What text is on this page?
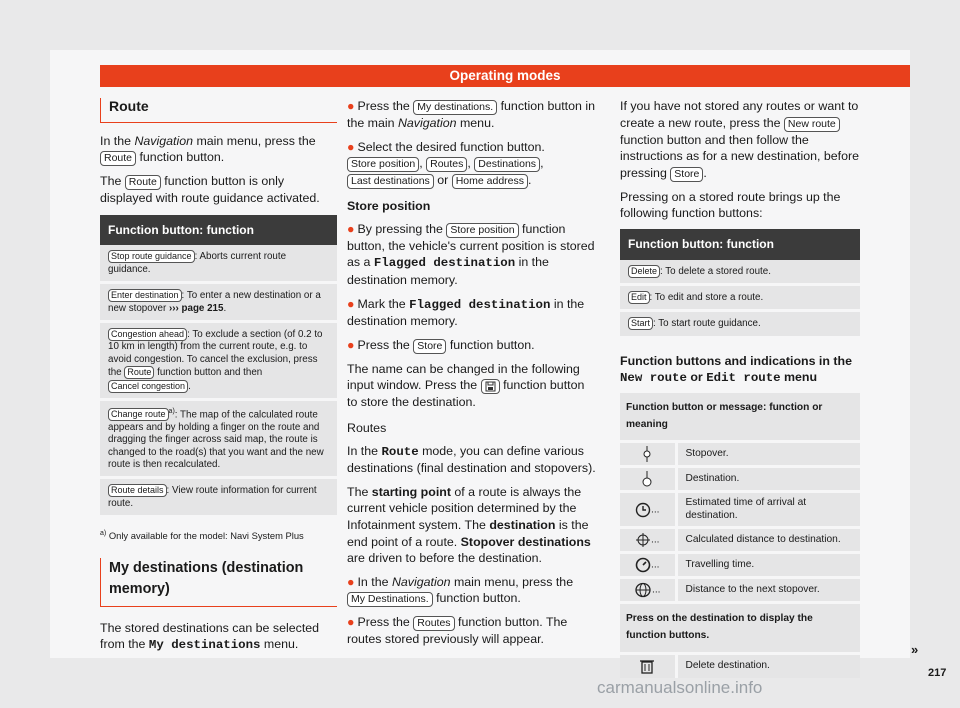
Operating modes
Route

In the Navigation main menu, press the Route function button.

The Route function button is only displayed with route guidance activated.

Function button: function
Stop route guidance : Aborts current route guidance.
Enter destination : To enter a new destination or a new stopover ››› page 215.
Congestion ahead : To exclude a section (of 0.2 to 10 km in length) from the current route, e.g. to avoid congestion. To cancel the exclusion, press the Route function button and then Cancel congestion .
Change route $^{a)}$: The map of the calculated route appears and by holding a finger on the route and dragging the finger across said map, the route is changed to the road(s) that you want and the new route is then recalculated.
Route details : View route information for current route.
$^{a)}$ Only available for the model: Navi System Plus
My destinations (destination memory)

The stored destinations can be selected from the My destinations menu.

● Press the My destinations. function button in the main Navigation menu.

● Select the desired function button.
Store position , Routes , Destinations ,
Last destinations or Home address .

Store position

● By pressing the Store position function button, the vehicle's current position is stored as a Flagged destination in the destination memory.

● Mark the Flagged destination in the destination memory.

● Press the Store function button.

The name can be changed in the following input window. Press the  function button to store the destination.

Routes

In the Route mode, you can define various destinations (final destination and stopovers).

The starting point of a route is always the current vehicle position determined by the Infotainment system. The destination is the end point of a route. Stopover destinations are driven to before the destination.

● In the Navigation main menu, press the My Destinations. function button.

● Press the Routes function button. The routes stored previously will appear.

If you have not stored any routes or want to create a new route, press the New route function button and then follow the instructions as for a new destination, before pressing Store .

Pressing on a stored route brings up the following function buttons:

Function button: function
Delete : To delete a stored route.
Edit : To edit and store a route.
Start : To start route guidance.
Function buttons and indications in the New route or Edit route menu
Function button or message: function or meaning	
	Stopover.
	Destination.
...	Estimated time of arrival at destination.
...	Calculated distance to destination.
...	Travelling time.
...	Distance to the next stopover.
Press on the destination to display the function buttons.	
	Delete destination.
»
217
carmanualsonline.info
